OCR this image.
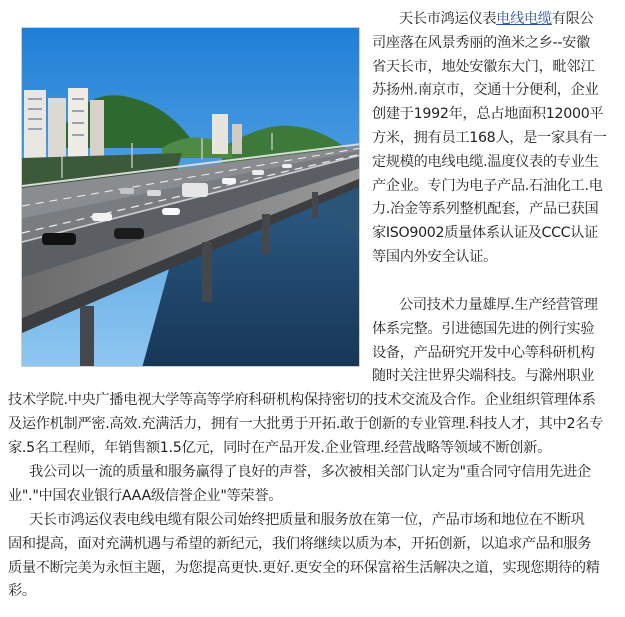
天长市鸿运仪表电线电缆有限公
司座落在风景秀丽的渔米之乡--安徽
省天长市，地处安徽东大门，毗邻江
苏扬州.南京市，交通十分便利，企业
创建于1992年，总占地面积12000平
方米，拥有员工168人，是一家具有一
定规模的电线电缆.温度仪表的专业生
产企业。专门为电子产品.石油化工.电
力.冶金等系列整机配套，产品已获国
家ISO9002质量体系认证及CCC认证
等国内外安全认证。
公司技术力量雄厚.生产经营管理
体系完整。引进德国先进的例行实验
设备，产品研究开发中心等科研机构
随时关注世界尖端科技。与滁州职业
技术学院.中央广播电视大学等高等学府科研机构保持密切的技术交流及合作。企业组织管理体系
及运作机制严密.高效.充满活力，拥有一大批勇于开拓.敢于创新的专业管理.科技人才，其中2名专
家.5名工程师，年销售额1.5亿元，同时在产品开发.企业管理.经营战略等领域不断创新。
我公司以一流的质量和服务赢得了良好的声誉，多次被相关部门认定为"重合同守信用先进企
业"."中国农业银行AAA级信誉企业"等荣誉。
天长市鸿运仪表电线电缆有限公司始终把质量和服务放在第一位，产品市场和地位在不断巩
固和提高，面对充满机遇与希望的新纪元，我们将继续以质为本，开拓创新，以追求产品和服务
质量不断完美为永恒主题，为您提高更快.更好.更安全的环保富裕生活解决之道，实现您期待的精
彩。
